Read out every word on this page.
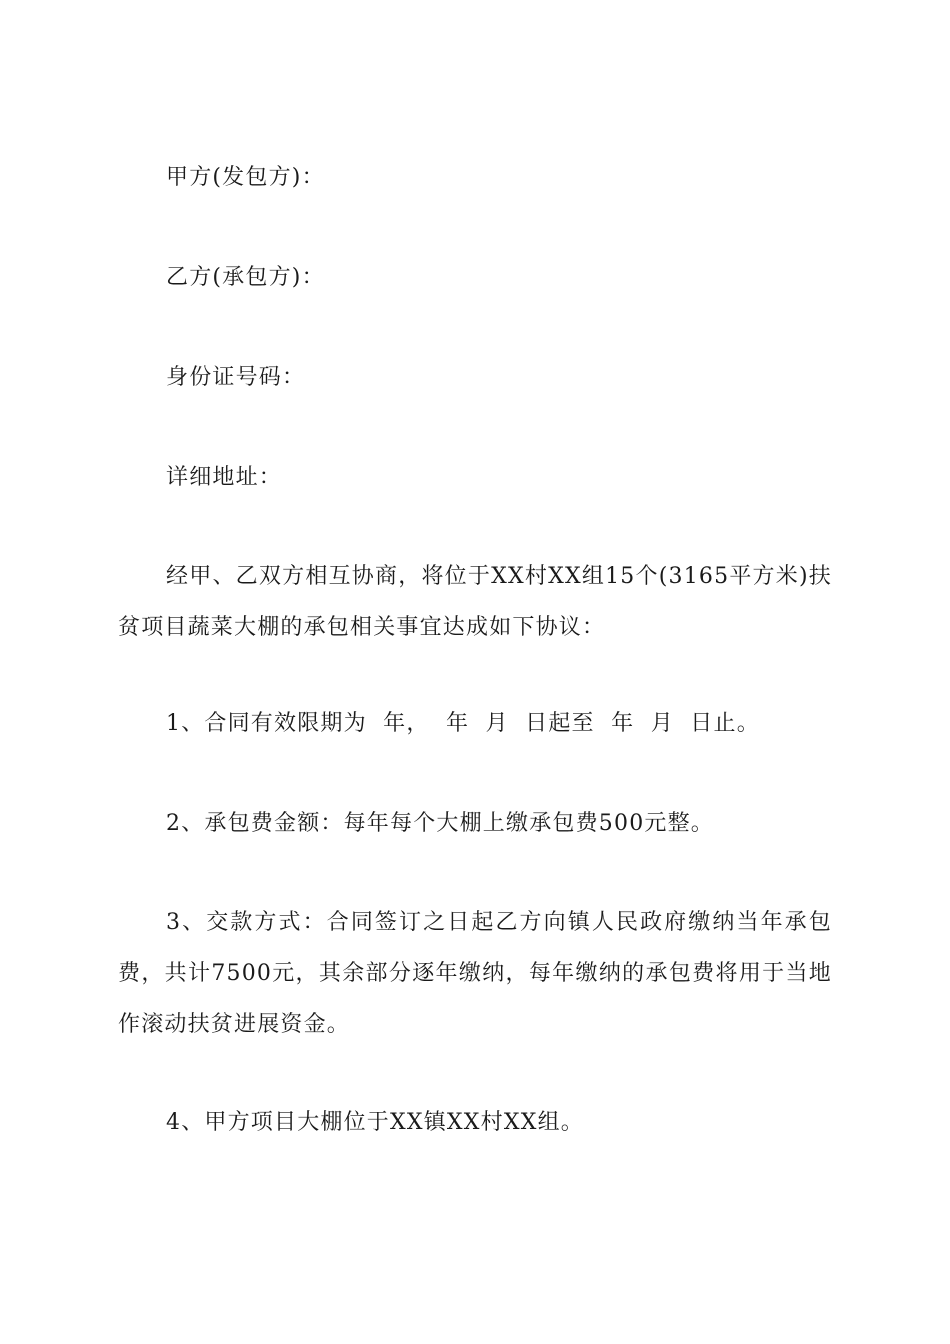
甲方(发包方)：

乙方(承包方)：

身份证号码：

详细地址：

经甲、乙双方相互协商，将位于XX村XX组15个(3165平方米)扶贫项目蔬菜大棚的承包相关事宜达成如下协议：

1、合同有效限期为  年，  年  月  日起至  年  月  日止。

2、承包费金额：每年每个大棚上缴承包费500元整。

3、交款方式：合同签订之日起乙方向镇人民政府缴纳当年承包费，共计7500元，其余部分逐年缴纳，每年缴纳的承包费将用于当地作滚动扶贫进展资金。

4、甲方项目大棚位于XX镇XX村XX组。
